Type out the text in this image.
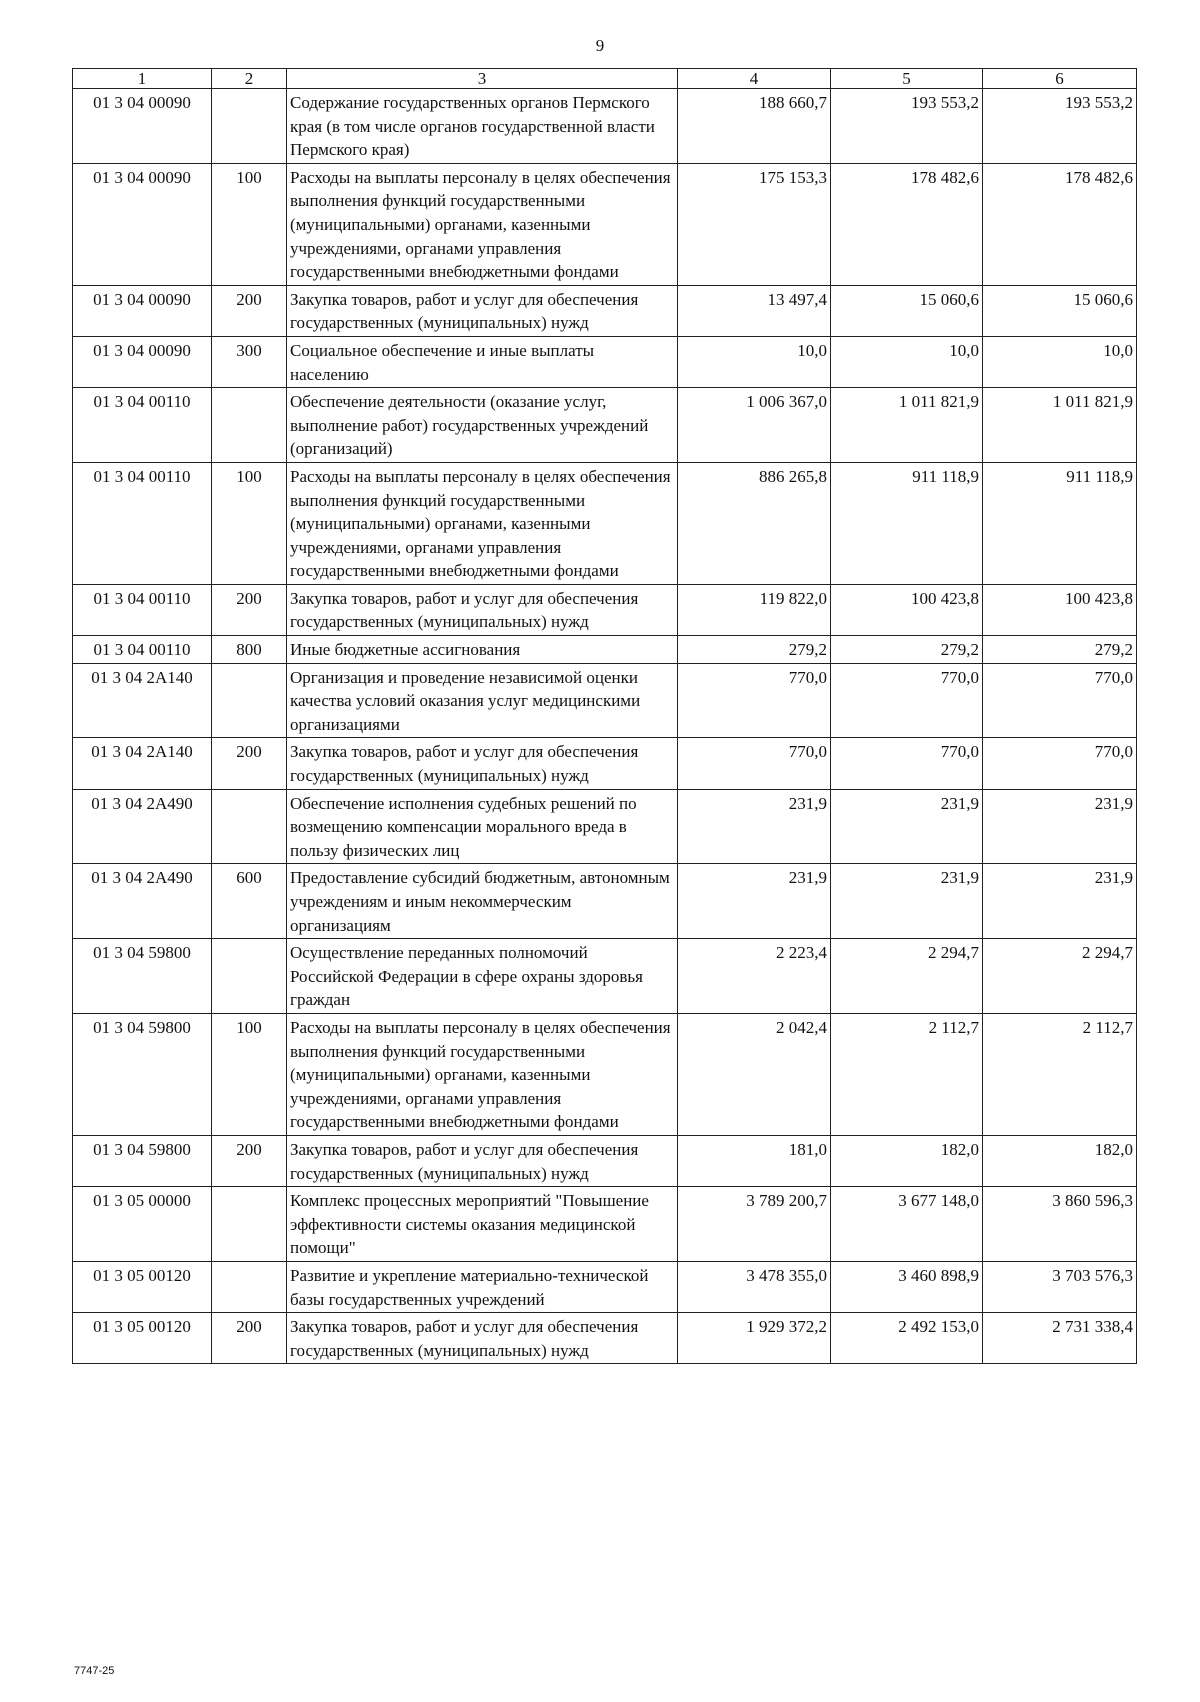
9
1	2	3	4	5	6
01 3 04 00090		Содержание государственных органов Пермского края (в том числе органов государственной власти Пермского края)	188 660,7	193 553,2	193 553,2
01 3 04 00090	100	Расходы на выплаты персоналу в целях обеспечения выполнения функций государственными (муниципальными) органами, казенными учреждениями, органами управления государственными внебюджетными фондами	175 153,3	178 482,6	178 482,6
01 3 04 00090	200	Закупка товаров, работ и услуг для обеспечения государственных (муниципальных) нужд	13 497,4	15 060,6	15 060,6
01 3 04 00090	300	Социальное обеспечение и иные выплаты населению	10,0	10,0	10,0
01 3 04 00110		Обеспечение деятельности (оказание услуг, выполнение работ) государственных учреждений (организаций)	1 006 367,0	1 011 821,9	1 011 821,9
01 3 04 00110	100	Расходы на выплаты персоналу в целях обеспечения выполнения функций государственными (муниципальными) органами, казенными учреждениями, органами управления государственными внебюджетными фондами	886 265,8	911 118,9	911 118,9
01 3 04 00110	200	Закупка товаров, работ и услуг для обеспечения государственных (муниципальных) нужд	119 822,0	100 423,8	100 423,8
01 3 04 00110	800	Иные бюджетные ассигнования	279,2	279,2	279,2
01 3 04 2А140		Организация и проведение независимой оценки качества условий оказания услуг медицинскими организациями	770,0	770,0	770,0
01 3 04 2А140	200	Закупка товаров, работ и услуг для обеспечения государственных (муниципальных) нужд	770,0	770,0	770,0
01 3 04 2А490		Обеспечение исполнения судебных решений по возмещению компенсации морального вреда в пользу физических лиц	231,9	231,9	231,9
01 3 04 2А490	600	Предоставление субсидий бюджетным, автономным учреждениям и иным некоммерческим организациям	231,9	231,9	231,9
01 3 04 59800		Осуществление переданных полномочий Российской Федерации в сфере охраны здоровья граждан	2 223,4	2 294,7	2 294,7
01 3 04 59800	100	Расходы на выплаты персоналу в целях обеспечения выполнения функций государственными (муниципальными) органами, казенными учреждениями, органами управления государственными внебюджетными фондами	2 042,4	2 112,7	2 112,7
01 3 04 59800	200	Закупка товаров, работ и услуг для обеспечения государственных (муниципальных) нужд	181,0	182,0	182,0
01 3 05 00000		Комплекс процессных мероприятий "Повышение эффективности системы оказания медицинской помощи"	3 789 200,7	3 677 148,0	3 860 596,3
01 3 05 00120		Развитие и укрепление материально-технической базы государственных учреждений	3 478 355,0	3 460 898,9	3 703 576,3
01 3 05 00120	200	Закупка товаров, работ и услуг для обеспечения государственных (муниципальных) нужд	1 929 372,2	2 492 153,0	2 731 338,4
7747-25
